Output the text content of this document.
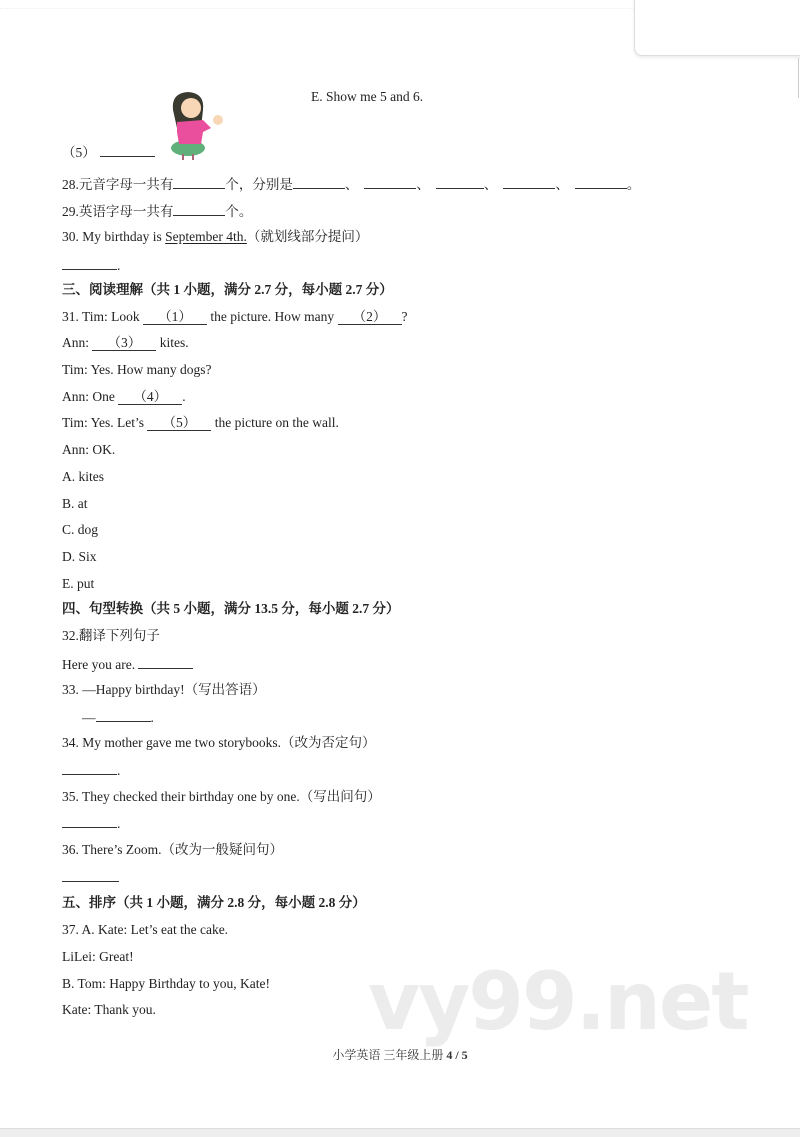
vy99.net
E. Show me 5 and 6.
（5）
28.元音字母一共有	个，分别是	、	、	、	、	。
29.英语字母一共有	个。
30. My birthday is September 4th.（就划线部分提问）
.
三、阅读理解（共 1 小题，满分 2.7 分，每小题 2.7 分）
31. Tim: Look （1） the picture. How many （2） ?
Ann: （3） kites.
Tim: Yes. How many dogs?
Ann: One （4） .
Tim: Yes. Let’s （5） the picture on the wall.
Ann: OK.
A. kites
B. at
C. dog
D. Six
E. put
四、句型转换（共 5 小题，满分 13.5 分，每小题 2.7 分）
32.翻译下列句子
Here you are.
33. —Happy birthday!（写出答语）
—	.
34. My mother gave me two storybooks.（改为否定句）
.
35. They checked their birthday one by one.（写出问句）
.
36. There’s Zoom.（改为一般疑问句）
五、排序（共 1 小题，满分 2.8 分，每小题 2.8 分）
37. A. Kate: Let’s eat the cake.
LiLei: Great!
B. Tom: Happy Birthday to you, Kate!
Kate: Thank you.
小学英语 三年级上册 4 / 5
